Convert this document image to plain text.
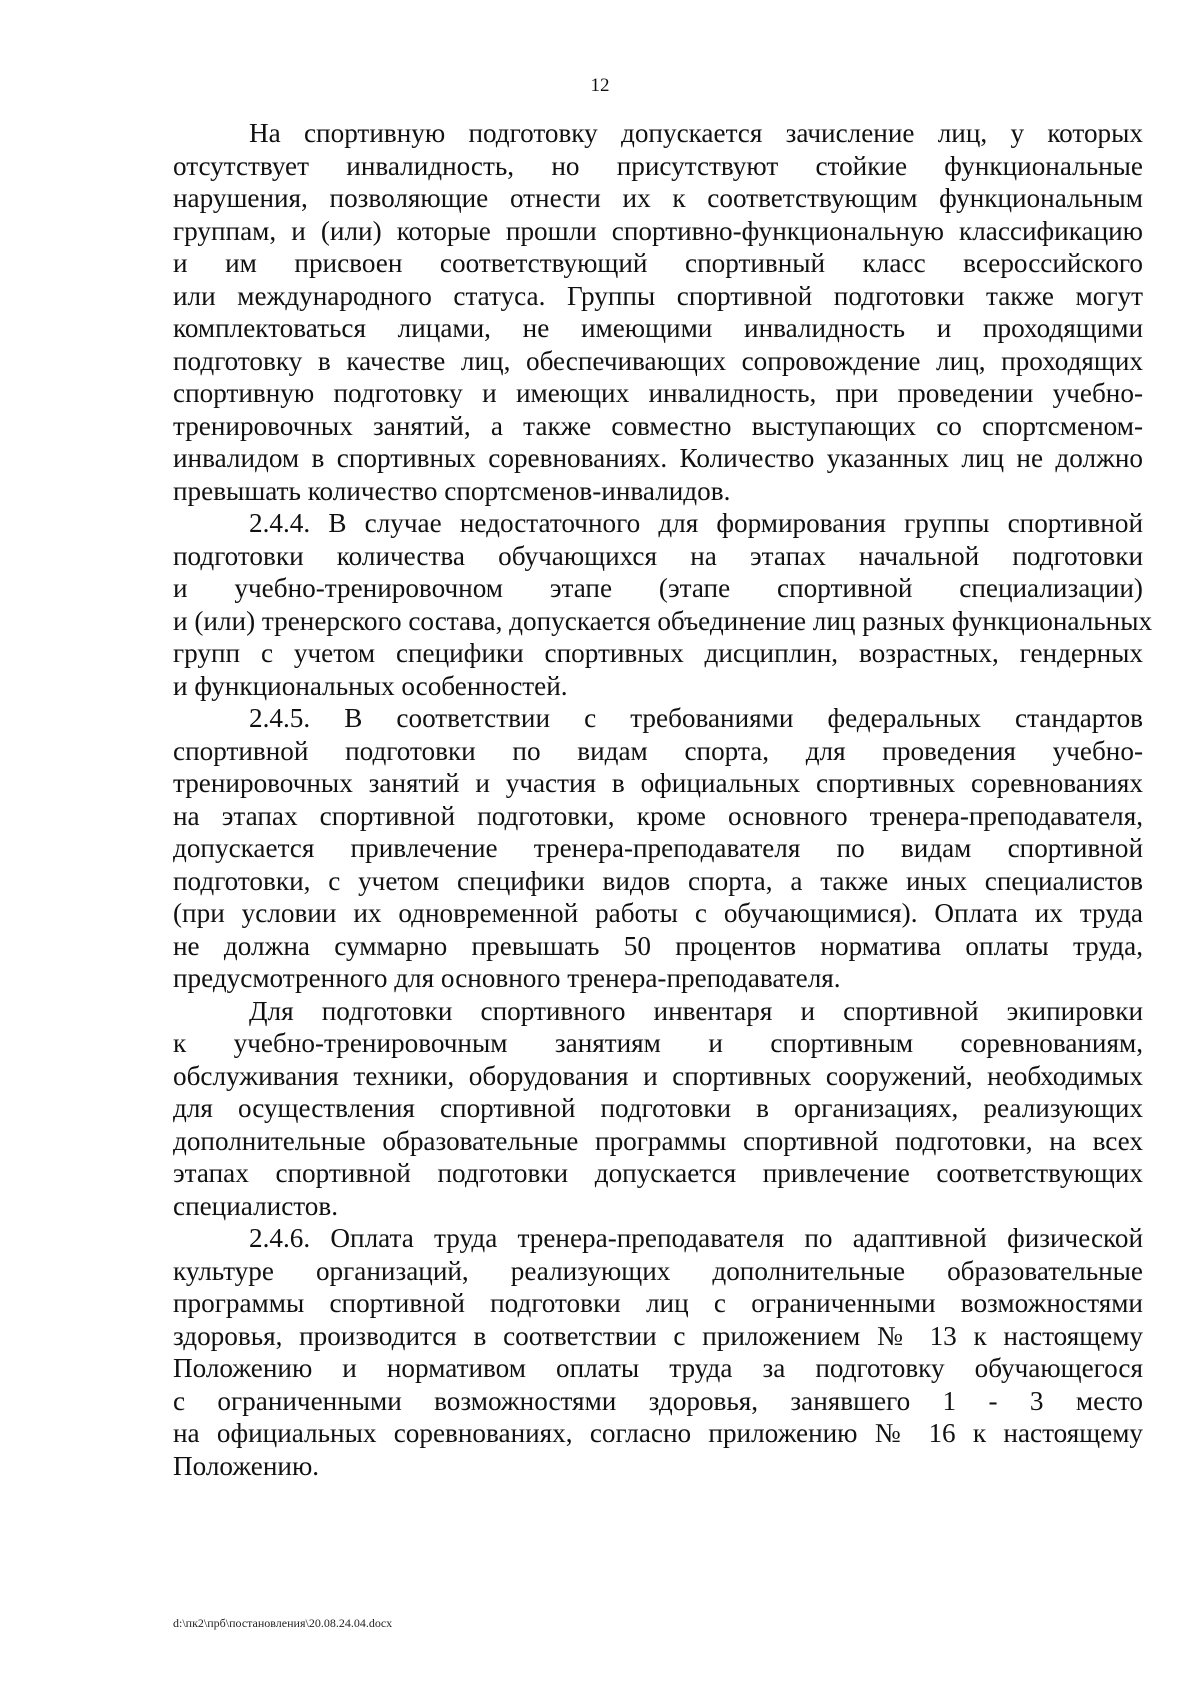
12
На спортивную подготовку допускается зачисление лиц, у которых
отсутствует инвалидность, но присутствуют стойкие функциональные
нарушения, позволяющие отнести их к соответствующим функциональным
группам, и (или) которые прошли спортивно-функциональную классификацию
и им присвоен соответствующий спортивный класс всероссийского
или международного статуса. Группы спортивной подготовки также могут
комплектоваться лицами, не имеющими инвалидность и проходящими
подготовку в качестве лиц, обеспечивающих сопровождение лиц, проходящих
спортивную подготовку и имеющих инвалидность, при проведении учебно-
тренировочных занятий, а также совместно выступающих со спортсменом-
инвалидом в спортивных соревнованиях. Количество указанных лиц не должно
превышать количество спортсменов-инвалидов.
2.4.4. В случае недостаточного для формирования группы спортивной
подготовки количества обучающихся на этапах начальной подготовки
и учебно-тренировочном этапе (этапе спортивной специализации)
и (или) тренерского состава, допускается объединение лиц разных функциональных
групп с учетом специфики спортивных дисциплин, возрастных, гендерных
и функциональных особенностей.
2.4.5. В соответствии с требованиями федеральных стандартов
спортивной подготовки по видам спорта, для проведения учебно-
тренировочных занятий и участия в официальных спортивных соревнованиях
на этапах спортивной подготовки, кроме основного тренера-преподавателя,
допускается привлечение тренера-преподавателя по видам спортивной
подготовки, с учетом специфики видов спорта, а также иных специалистов
(при условии их одновременной работы с обучающимися). Оплата их труда
не должна суммарно превышать 50 процентов норматива оплаты труда,
предусмотренного для основного тренера-преподавателя.
Для подготовки спортивного инвентаря и спортивной экипировки
к учебно-тренировочным занятиям и спортивным соревнованиям,
обслуживания техники, оборудования и спортивных сооружений, необходимых
для осуществления спортивной подготовки в организациях, реализующих
дополнительные образовательные программы спортивной подготовки, на всех
этапах спортивной подготовки допускается привлечение соответствующих
специалистов.
2.4.6. Оплата труда тренера-преподавателя по адаптивной физической
культуре организаций, реализующих дополнительные образовательные
программы спортивной подготовки лиц с ограниченными возможностями
здоровья, производится в соответствии с приложением № 13 к настоящему
Положению и нормативом оплаты труда за подготовку обучающегося
с ограниченными возможностями здоровья, занявшего 1 - 3 место
на официальных соревнованиях, согласно приложению № 16 к настоящему
Положению.
d:\пк2\прб\постановления\20.08.24.04.docx
